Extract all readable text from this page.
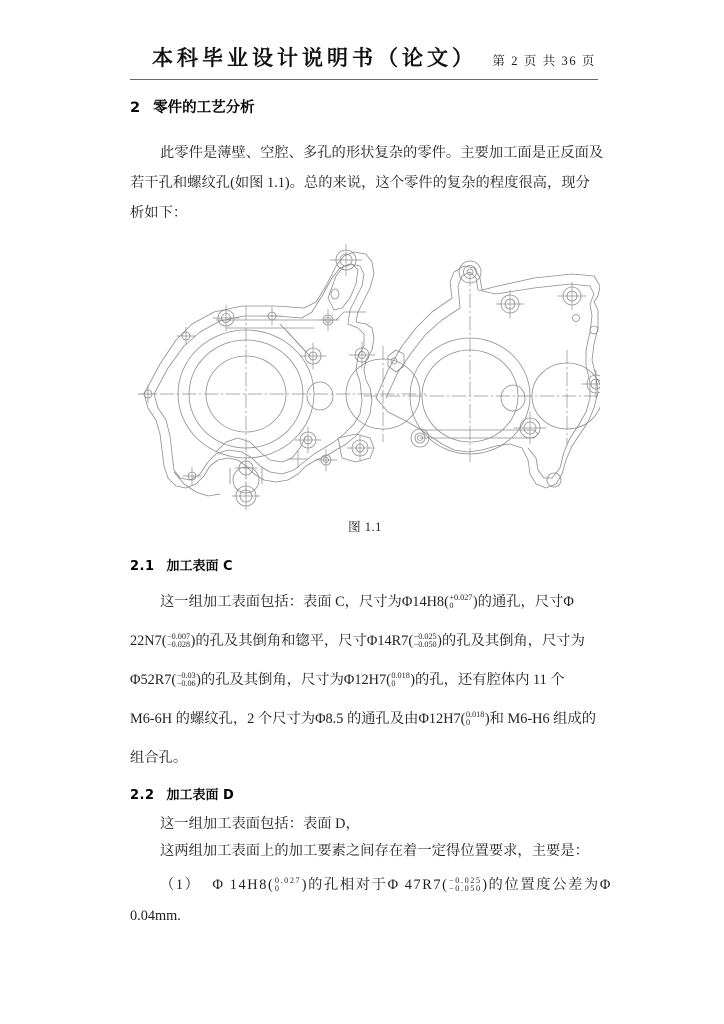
本科毕业设计说明书（论文） 第 2 页 共 36 页
2 零件的工艺分析
此零件是薄壁、空腔、多孔的形状复杂的零件。主要加工面是正反面及
若干孔和螺纹孔(如图 1.1)。总的来说，这个零件的复杂的程度很高，现分
析如下：
图 1.1
2.1 加工表面 C
这一组加工表面包括：表面 C，尺寸为Φ14H8( +0.027
0	)的通孔，尺寸Φ
22N7( −0.007
−0.028 )的孔及其倒角和锪平，尺寸Φ14R7( −0.025
−0.050 )的孔及其倒角，尺寸为
Φ52R7( −0.03
−0.06 )的孔及其倒角，尺寸为Φ12H7( 0.018
0	)的孔，还有腔体内 11 个
M6-6H 的螺纹孔，2 个尺寸为Φ8.5 的通孔及由Φ12H7( 0.018
0	)和 M6-H6 组成的
组合孔。
2.2 加工表面 D
这一组加工表面包括：表面 D，
这两组加工表面上的加工要素之间存在着一定得位置要求，主要是：
（1） Φ 14H8( 0.027
0	)的孔相对于Φ 47R7( −0.025
−0.050 )的位置度公差为Φ
0.04mm.
